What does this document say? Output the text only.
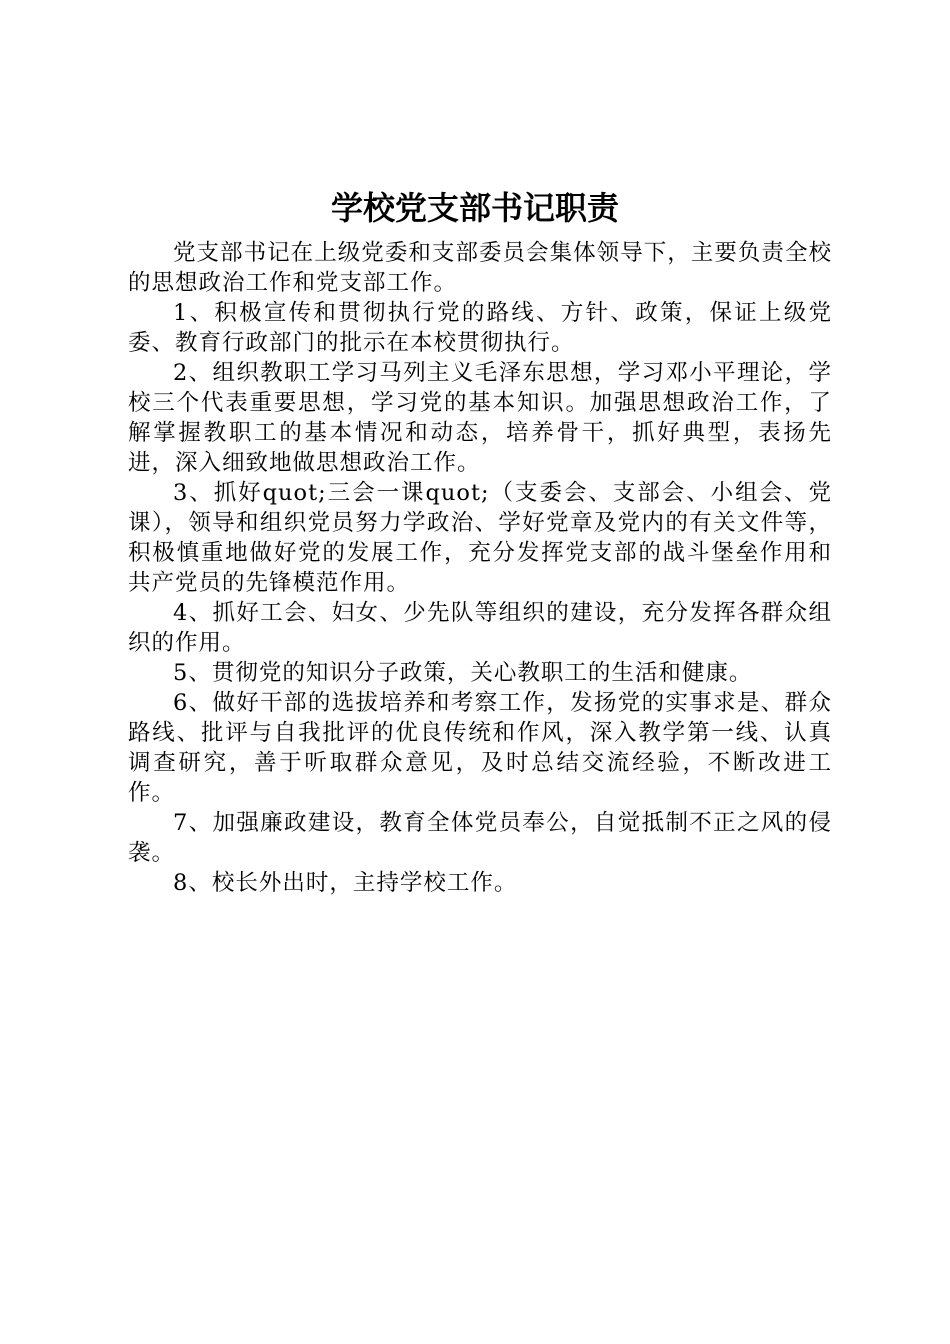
学校党支部书记职责

党支部书记在上级党委和支部委员会集体领导下，主要负责全校的思想政治工作和党支部工作。

1、积极宣传和贯彻执行党的路线、方针、政策，保证上级党委、教育行政部门的批示在本校贯彻执行。

2、组织教职工学习马列主义毛泽东思想，学习邓小平理论，学校三个代表重要思想，学习党的基本知识。加强思想政治工作，了解掌握教职工的基本情况和动态，培养骨干，抓好典型，表扬先进，深入细致地做思想政治工作。

3、抓好quot;三会一课quot;（支委会、支部会、小组会、党课），领导和组织党员努力学政治、学好党章及党内的有关文件等，积极慎重地做好党的发展工作，充分发挥党支部的战斗堡垒作用和共产党员的先锋模范作用。

4、抓好工会、妇女、少先队等组织的建设，充分发挥各群众组织的作用。

5、贯彻党的知识分子政策，关心教职工的生活和健康。

6、做好干部的选拔培养和考察工作，发扬党的实事求是、群众路线、批评与自我批评的优良传统和作风，深入教学第一线、认真调查研究，善于听取群众意见，及时总结交流经验，不断改进工作。

7、加强廉政建设，教育全体党员奉公，自觉抵制不正之风的侵袭。

8、校长外出时，主持学校工作。
